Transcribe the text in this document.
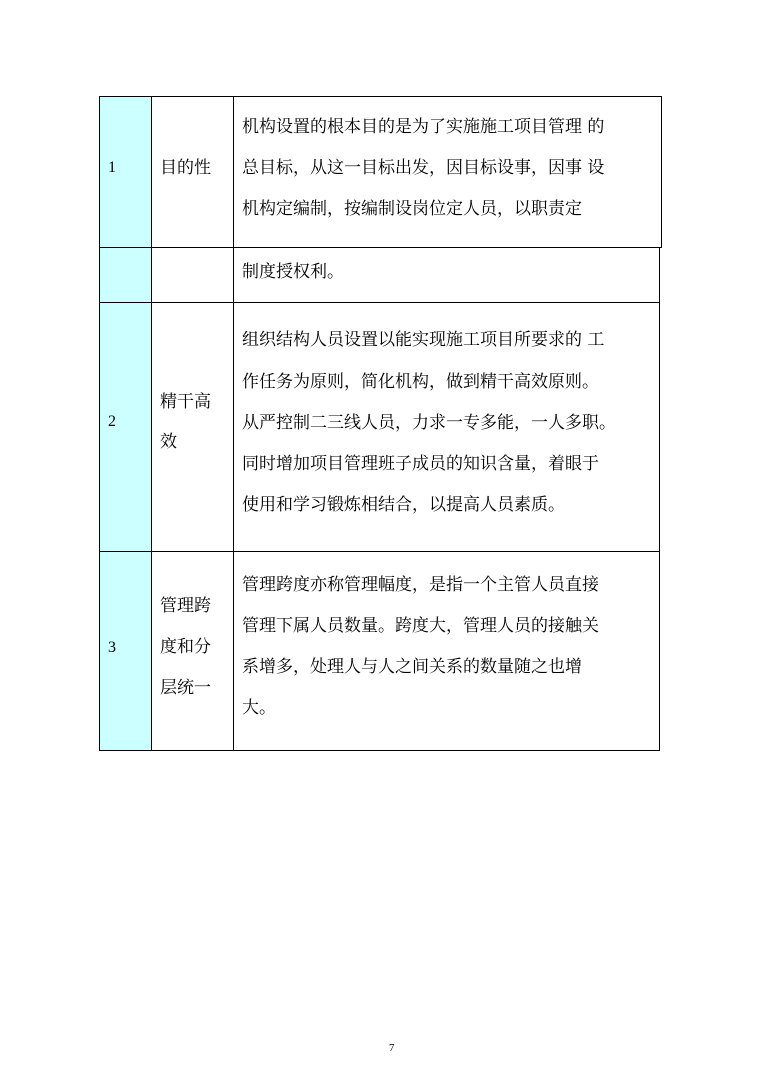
1	目的性
机构设置的根本目的是为了实施施工项目管理 的
总目标，从这一目标出发，因目标设事，因事 设
机构定编制，按编制设岗位定人员，以职责定
制度授权利。
2
精干高
效
组织结构人员设置以能实现施工项目所要求的 工
作任务为原则，简化机构，做到精干高效原则。
从严控制二三线人员，力求一专多能，一人多职。
同时增加项目管理班子成员的知识含量，着眼于
使用和学习锻炼相结合，以提高人员素质。
3
管理跨
度和分
层统一
管理跨度亦称管理幅度，是指一个主管人员直接
管理下属人员数量。跨度大，管理人员的接触关
系增多，处理人与人之间关系的数量随之也增
大。
7
